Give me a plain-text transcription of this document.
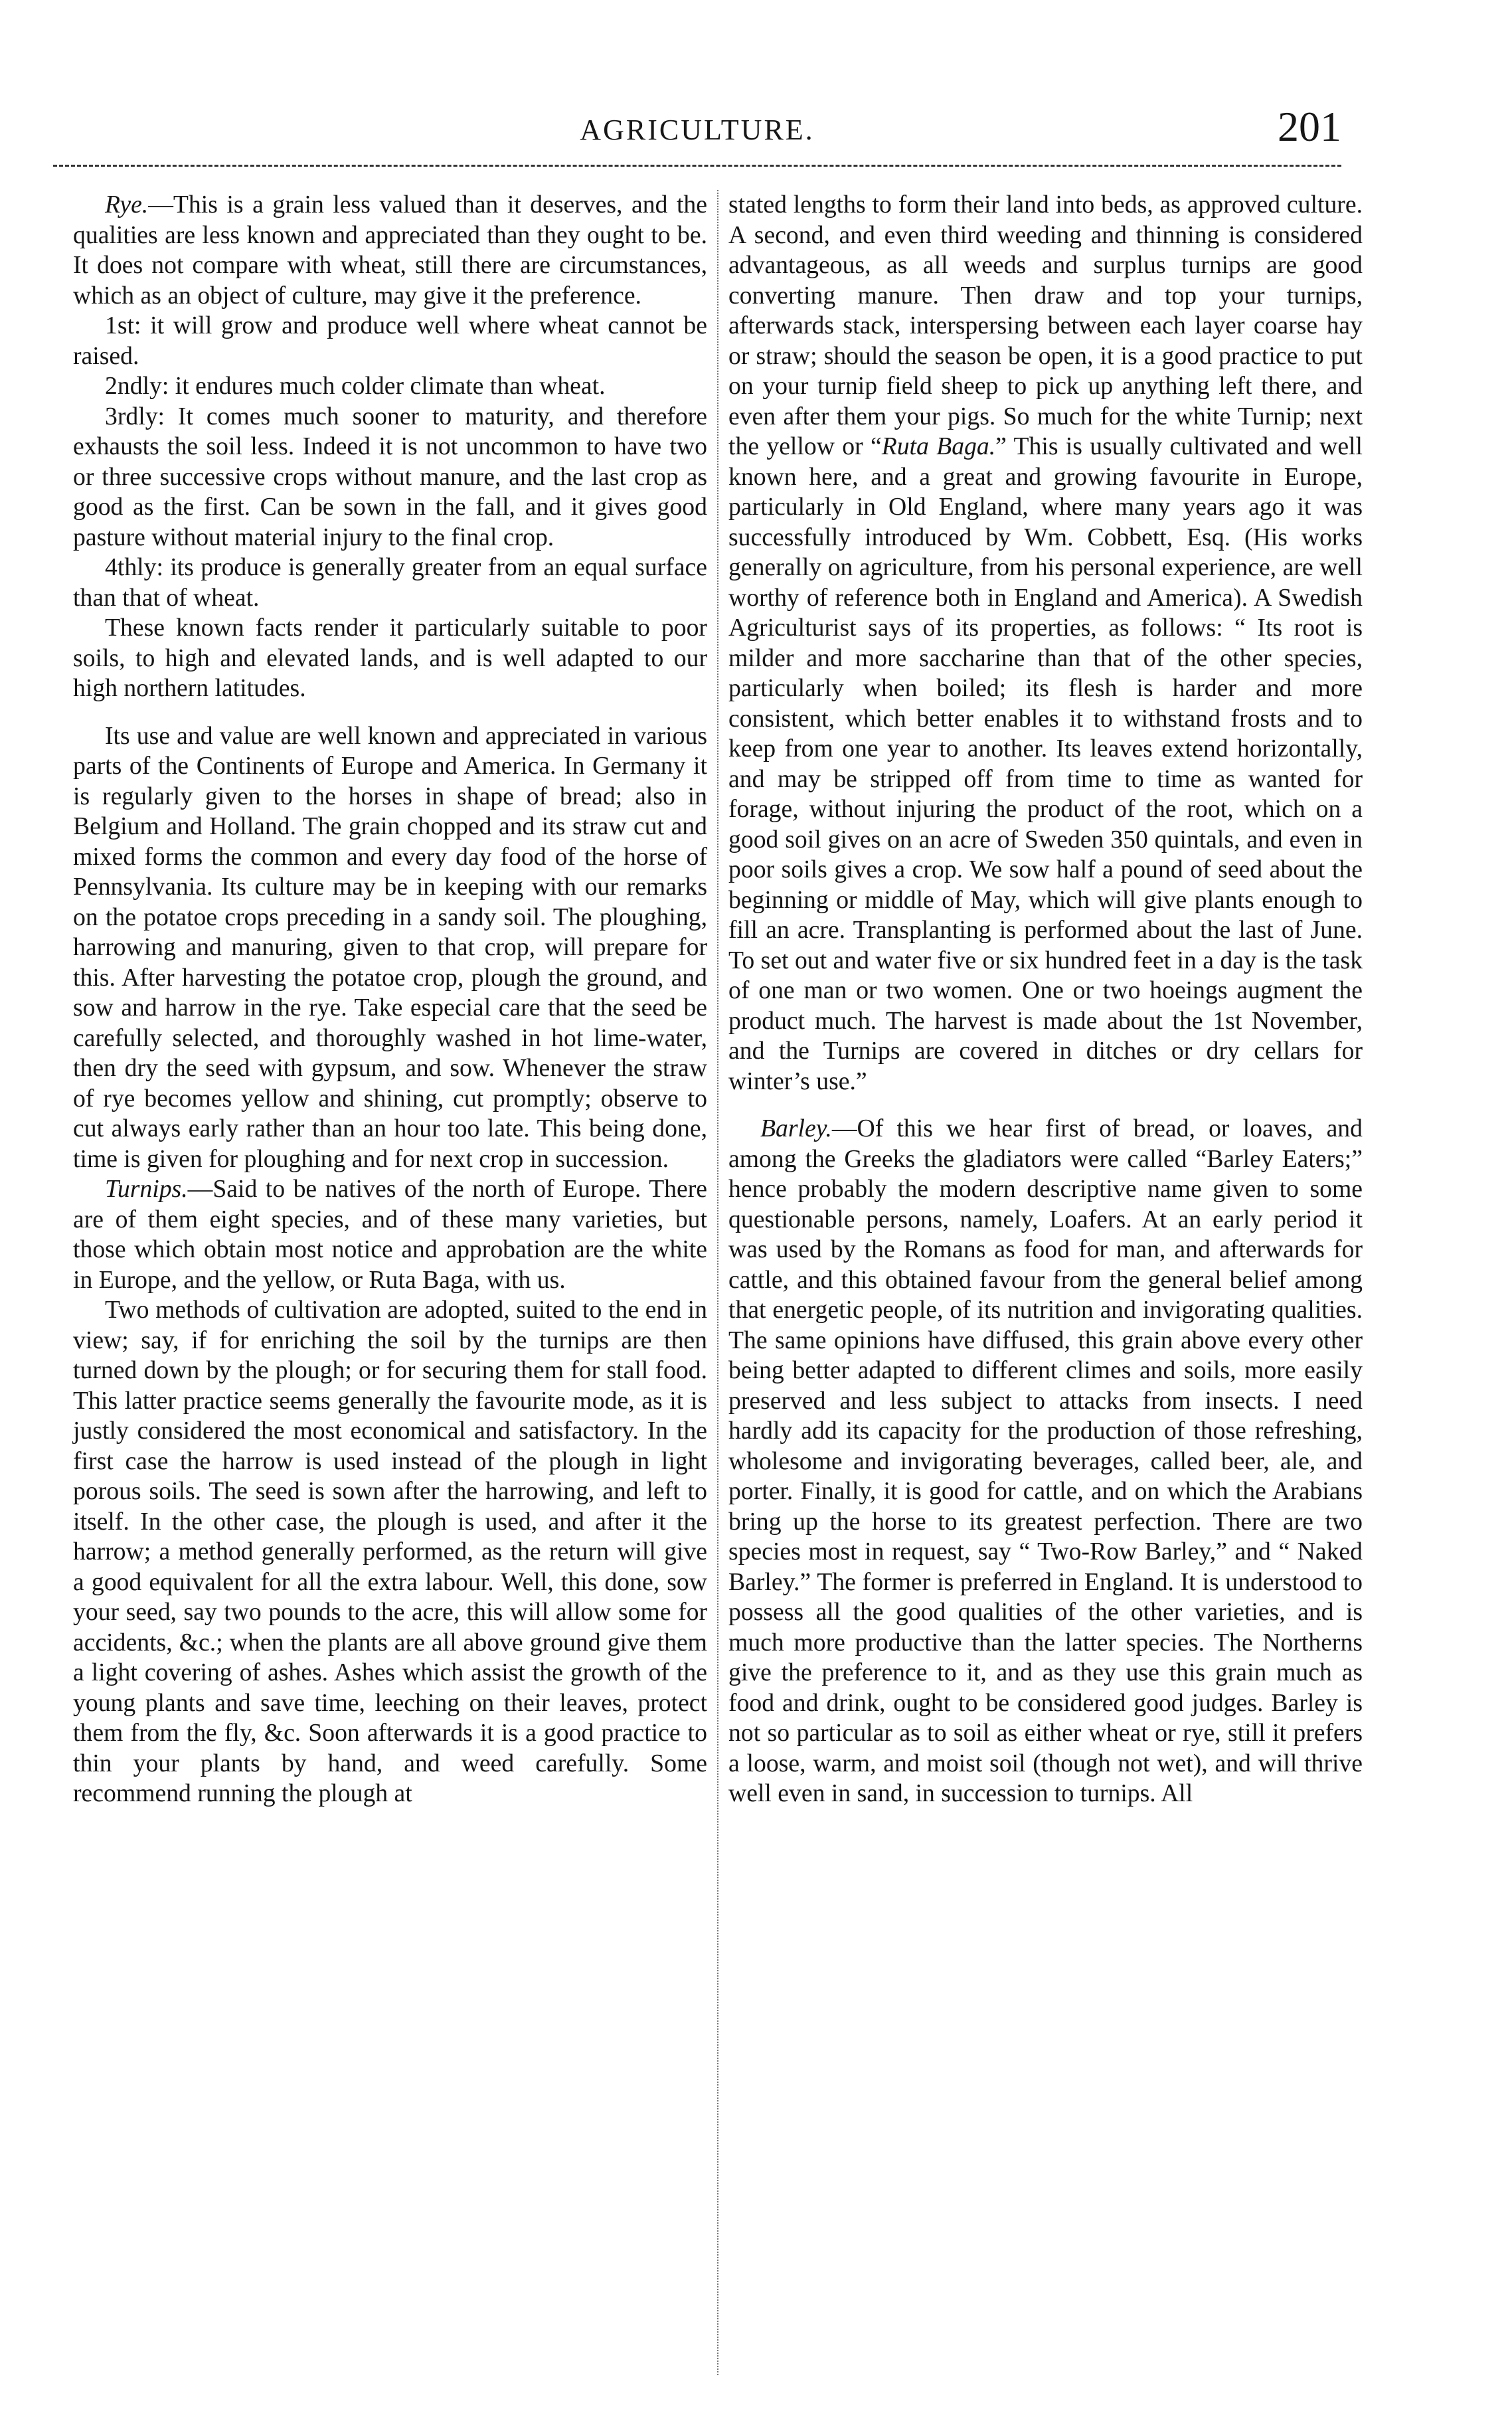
AGRICULTURE.	201

Rye.—This is a grain less valued than it deserves, and the qualities are less known and appreciated than they ought to be. It does not compare with wheat, still there are circumstances, which as an object of culture, may give it the preference.

1st: it will grow and produce well where wheat cannot be raised.

2ndly: it endures much colder climate than wheat.

3rdly: It comes much sooner to maturity, and therefore exhausts the soil less. Indeed it is not uncommon to have two or three successive crops without manure, and the last crop as good as the first. Can be sown in the fall, and it gives good pasture without material injury to the final crop.

4thly: its produce is generally greater from an equal surface than that of wheat.

These known facts render it particularly suitable to poor soils, to high and elevated lands, and is well adapted to our high northern latitudes.

Its use and value are well known and appreciated in various parts of the Continents of Europe and America. In Germany it is regularly given to the horses in shape of bread; also in Belgium and Holland. The grain chopped and its straw cut and mixed forms the common and every day food of the horse of Pennsylvania. Its culture may be in keeping with our remarks on the potatoe crops preceding in a sandy soil. The ploughing, harrowing and manuring, given to that crop, will prepare for this. After harvesting the potatoe crop, plough the ground, and sow and harrow in the rye. Take especial care that the seed be carefully selected, and thoroughly washed in hot lime-water, then dry the seed with gypsum, and sow. Whenever the straw of rye becomes yellow and shining, cut promptly; observe to cut always early rather than an hour too late. This being done, time is given for ploughing and for next crop in succession.

Turnips.—Said to be natives of the north of Europe. There are of them eight species, and of these many varieties, but those which obtain most notice and approbation are the white in Europe, and the yellow, or Ruta Baga, with us.

Two methods of cultivation are adopted, suited to the end in view; say, if for enriching the soil by the turnips are then turned down by the plough; or for securing them for stall food. This latter practice seems generally the favourite mode, as it is justly considered the most economical and satisfactory. In the first case the harrow is used instead of the plough in light porous soils. The seed is sown after the harrowing, and left to itself. In the other case, the plough is used, and after it the harrow; a method generally performed, as the return will give a good equivalent for all the extra labour. Well, this done, sow your seed, say two pounds to the acre, this will allow some for accidents, &c.; when the plants are all above ground give them a light covering of ashes. Ashes which assist the growth of the young plants and save time, leeching on their leaves, protect them from the fly, &c. Soon afterwards it is a good practice to thin your plants by hand, and weed carefully. Some recommend running the plough at

stated lengths to form their land into beds, as approved culture. A second, and even third weeding and thinning is considered advantageous, as all weeds and surplus turnips are good converting manure. Then draw and top your turnips, afterwards stack, interspersing between each layer coarse hay or straw; should the season be open, it is a good practice to put on your turnip field sheep to pick up anything left there, and even after them your pigs. So much for the white Turnip; next the yellow or “Ruta Baga.” This is usually cultivated and well known here, and a great and growing favourite in Europe, particularly in Old England, where many years ago it was successfully introduced by Wm. Cobbett, Esq. (His works generally on agriculture, from his personal experience, are well worthy of reference both in England and America). A Swedish Agriculturist says of its properties, as follows: “ Its root is milder and more saccharine than that of the other species, particularly when boiled; its flesh is harder and more consistent, which better enables it to withstand frosts and to keep from one year to another. Its leaves extend horizontally, and may be stripped off from time to time as wanted for forage, without injuring the product of the root, which on a good soil gives on an acre of Sweden 350 quintals, and even in poor soils gives a crop. We sow half a pound of seed about the beginning or middle of May, which will give plants enough to fill an acre. Transplanting is performed about the last of June. To set out and water five or six hundred feet in a day is the task of one man or two women. One or two hoeings augment the product much. The harvest is made about the 1st November, and the Turnips are covered in ditches or dry cellars for winter’s use.”

Barley.—Of this we hear first of bread, or loaves, and among the Greeks the gladiators were called “Barley Eaters;” hence probably the modern descriptive name given to some questionable persons, namely, Loafers. At an early period it was used by the Romans as food for man, and afterwards for cattle, and this obtained favour from the general belief among that energetic people, of its nutrition and invigorating qualities. The same opinions have diffused, this grain above every other being better adapted to different climes and soils, more easily preserved and less subject to attacks from insects. I need hardly add its capacity for the production of those refreshing, wholesome and invigorating beverages, called beer, ale, and porter. Finally, it is good for cattle, and on which the Arabians bring up the horse to its greatest perfection. There are two species most in request, say “ Two-Row Barley,” and “ Naked Barley.” The former is preferred in England. It is understood to possess all the good qualities of the other varieties, and is much more productive than the latter species. The Northerns give the preference to it, and as they use this grain much as food and drink, ought to be considered good judges. Barley is not so particular as to soil as either wheat or rye, still it prefers a loose, warm, and moist soil (though not wet), and will thrive well even in sand, in succession to turnips. All
